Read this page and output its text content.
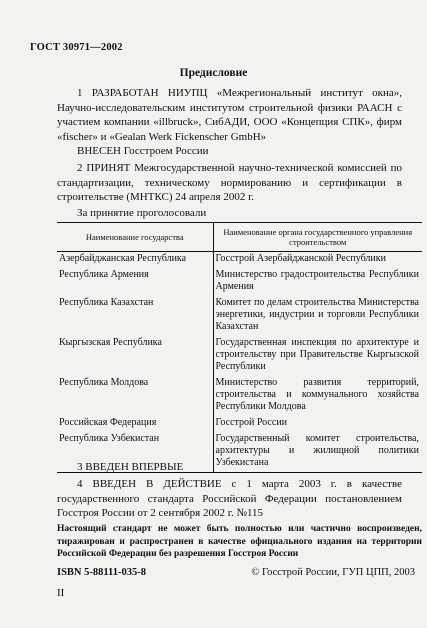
ГОСТ 30971—2002
Предисловие

1 РАЗРАБОТАН НИУПЦ «Межрегиональный институт окна», Научно-исследовательским институтом строительной физики РААСН с участием компании «illbruck», СибАДИ, ООО «Концепция СПК», фирм «fischer» и «Gealan Werk Fickenscher GmbH»

ВНЕСЕН Госстроем России

2 ПРИНЯТ Межгосударственной научно-технической комиссией по стандартизации, техническому нормированию и сертификации в строительстве (МНТКС) 24 апреля 2002 г.

За принятие проголосовали

Наименование государства	Наименование органа государственного управления строительством
Азербайджанская Республика	Госстрой Азербайджанской Республики
Республика Армения	Министерство градостроительства Республики Армения
Республика Казахстан	Комитет по делам строительства Министерства энергетики, индустрии и торговли Республики Казахстан
Кыргызская Республика	Государственная инспекция по архитектуре и строительству при Правительстве Кыргызской Республики
Республика Молдова	Министерство развития территорий, строительства и коммунального хозяйства Республики Молдова
Российская Федерация	Госстрой России
Республика Узбекистан	Государственный комитет строительства, архитектуры и жилищной политики Узбекистана

3 ВВЕДЕН ВПЕРВЫЕ

4 ВВЕДЕН В ДЕЙСТВИЕ с 1 марта 2003 г. в качестве государственного стандарта Российской Федерации постановлением Госстроя России от 2 сентября 2002 г. №115

Настоящий стандарт не может быть полностью или частично воспроизведен, тиражирован и распространен в качестве официального издания на территории Российской Федерации без разрешения Госстроя России

ISBN 5-88111-035-8	© Госстрой России, ГУП ЦПП, 2003
II
